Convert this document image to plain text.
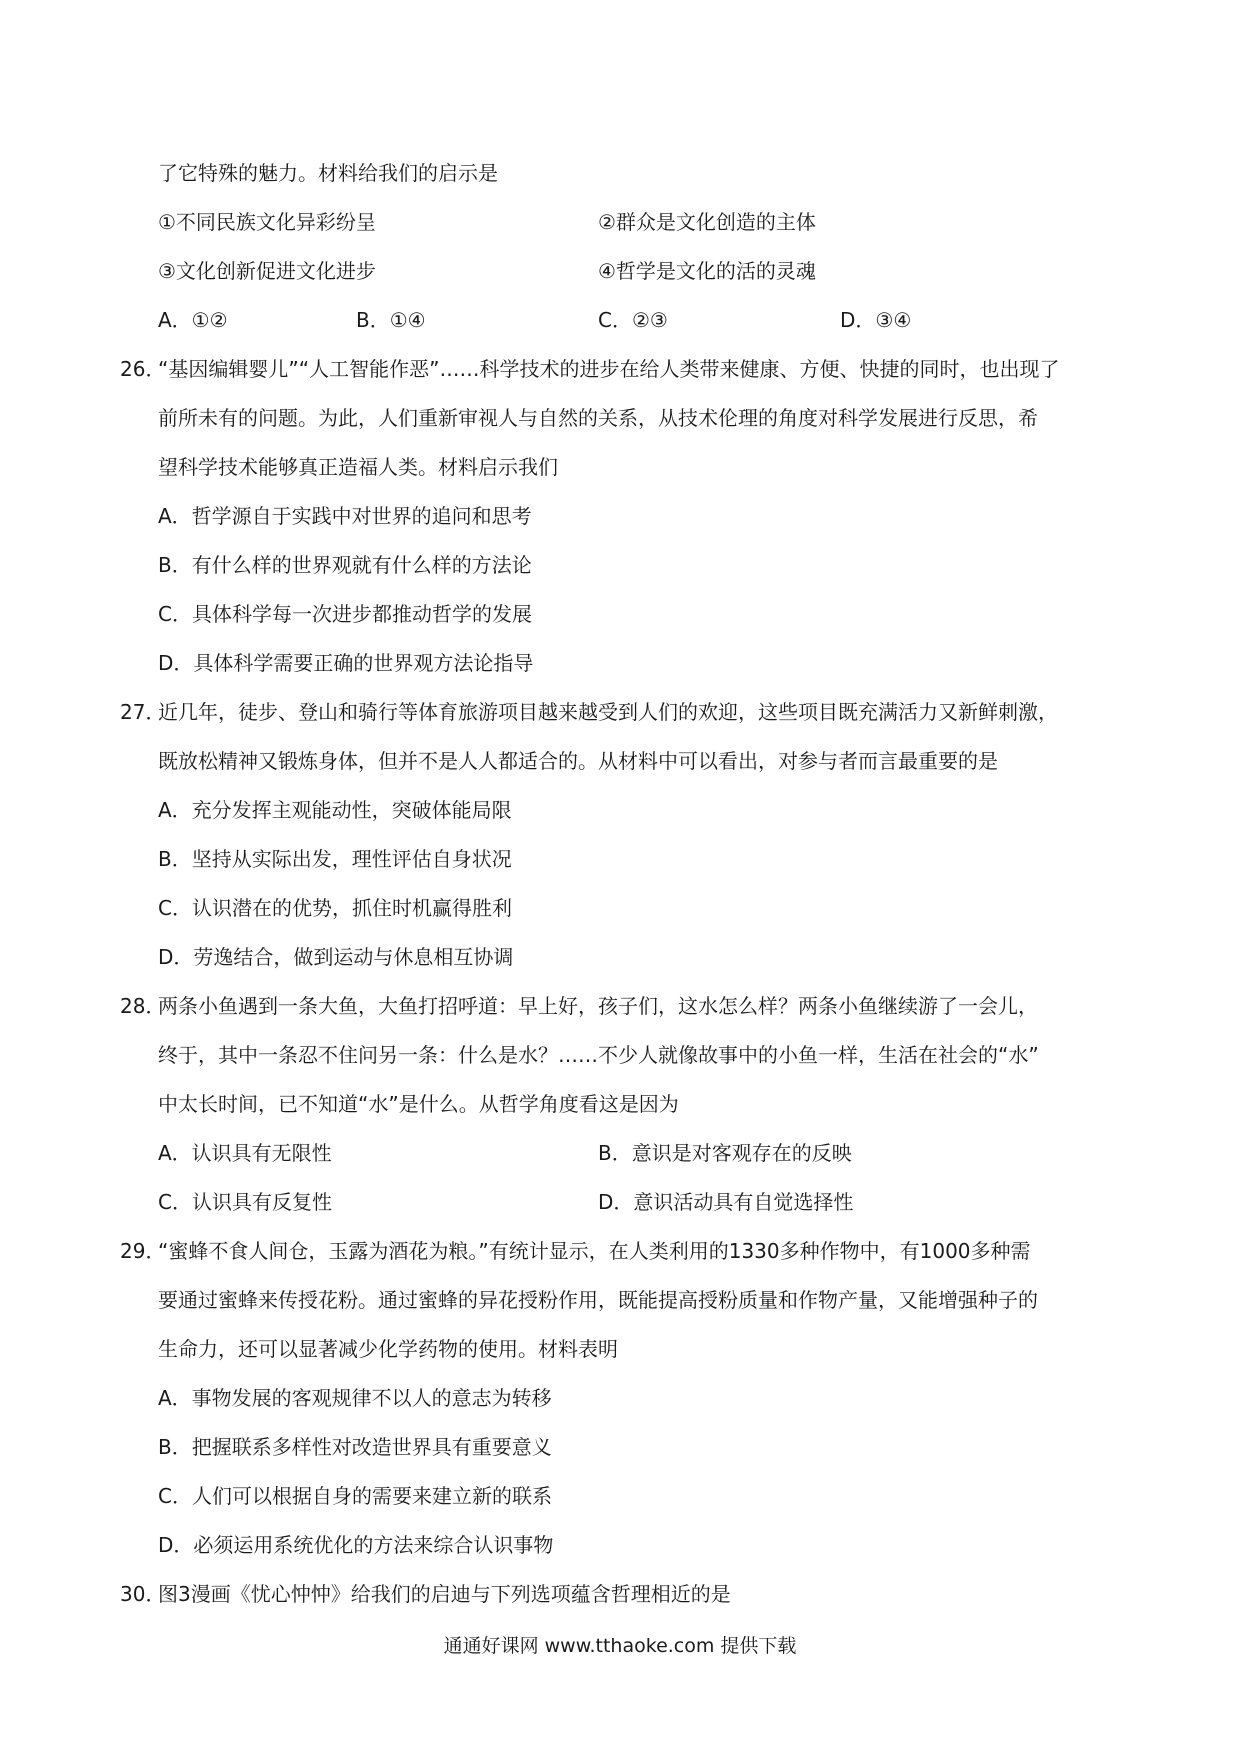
了它特殊的魅力。材料给我们的启示是
①不同民族文化异彩纷呈	②群众是文化创造的主体
③文化创新促进文化进步	④哲学是文化的活的灵魂
A．①②	B．①④	C．②③	D．③④
26．
“基因编辑婴儿”“人工智能作恶”……科学技术的进步在给人类带来健康、方便、快捷的同时，也出现了
前所未有的问题。为此，人们重新审视人与自然的关系，从技术伦理的角度对科学发展进行反思，希
望科学技术能够真正造福人类。材料启示我们
A．哲学源自于实践中对世界的追问和思考
B．有什么样的世界观就有什么样的方法论
C．具体科学每一次进步都推动哲学的发展
D．具体科学需要正确的世界观方法论指导
27．
近几年，徒步、登山和骑行等体育旅游项目越来越受到人们的欢迎，这些项目既充满活力又新鲜刺激，
既放松精神又锻炼身体，但并不是人人都适合的。从材料中可以看出，对参与者而言最重要的是
A．充分发挥主观能动性，突破体能局限
B．坚持从实际出发，理性评估自身状况
C．认识潜在的优势，抓住时机赢得胜利
D．劳逸结合，做到运动与休息相互协调
28．
两条小鱼遇到一条大鱼，大鱼打招呼道：早上好，孩子们，这水怎么样？两条小鱼继续游了一会儿，
终于，其中一条忍不住问另一条：什么是水？……不少人就像故事中的小鱼一样，生活在社会的“水”
中太长时间，已不知道“水”是什么。从哲学角度看这是因为
A．认识具有无限性	B．意识是对客观存在的反映
C．认识具有反复性	D．意识活动具有自觉选择性
29．
“蜜蜂不食人间仓，玉露为酒花为粮。”有统计显示，在人类利用的1330多种作物中，有1000多种需
要通过蜜蜂来传授花粉。通过蜜蜂的异花授粉作用，既能提高授粉质量和作物产量，又能增强种子的
生命力，还可以显著减少化学药物的使用。材料表明
A．事物发展的客观规律不以人的意志为转移
B．把握联系多样性对改造世界具有重要意义
C．人们可以根据自身的需要来建立新的联系
D．必须运用系统优化的方法来综合认识事物
30．
图3漫画《忧心忡忡》给我们的启迪与下列选项蕴含哲理相近的是
通通好课网 www.tthaoke.com 提供下载
